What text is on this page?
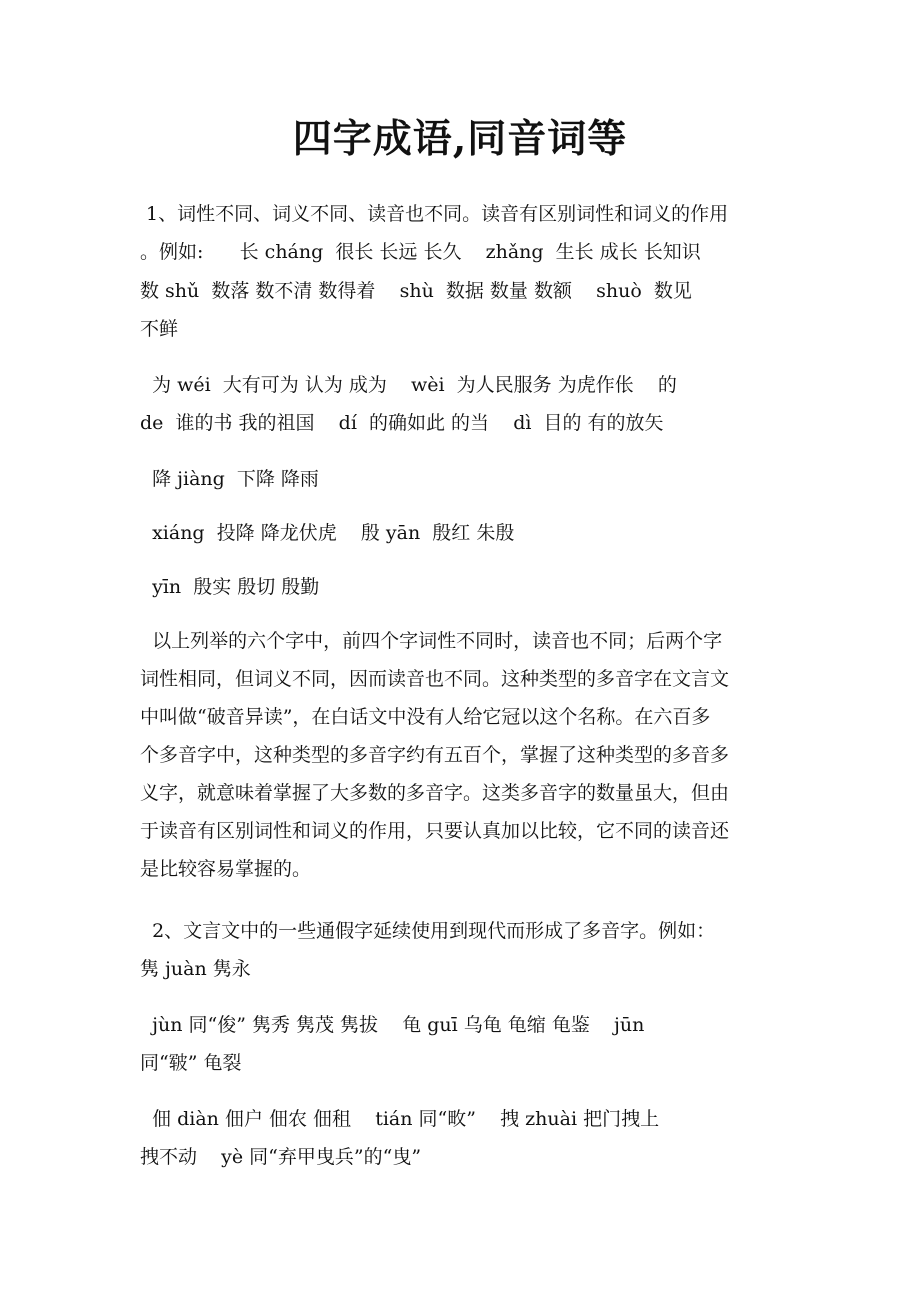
四字成语,同音词等
1、词性不同、词义不同、读音也不同。读音有区别词性和词义的作用
。例如:      长 cháng  很长 长远 长久    zhǎng  生长 成长 长知识
数 shǔ  数落 数不清 数得着    shù  数据 数量 数额    shuò  数见
不鲜
为 wéi  大有可为 认为 成为    wèi  为人民服务 为虎作伥    的
de  谁的书 我的祖国    dí  的确如此 的当    dì  目的 有的放矢
降 jiàng  下降 降雨
xiáng  投降 降龙伏虎    殷 yān  殷红 朱殷
yīn  殷实 殷切 殷勤
以上列举的六个字中，前四个字词性不同时，读音也不同；后两个字
词性相同，但词义不同，因而读音也不同。这种类型的多音字在文言文
中叫做“破音异读”，在白话文中没有人给它冠以这个名称。在六百多
个多音字中，这种类型的多音字约有五百个，掌握了这种类型的多音多
义字，就意味着掌握了大多数的多音字。这类多音字的数量虽大，但由
于读音有区别词性和词义的作用，只要认真加以比较，它不同的读音还
是比较容易掌握的。
2、文言文中的一些通假字延续使用到现代而形成了多音字。例如：
隽 juàn 隽永
jùn 同“俊” 隽秀 隽茂 隽拔    龟 guī 乌龟 龟缩 龟鉴    jūn
同“皲” 龟裂
佃 diàn 佃户 佃农 佃租    tián 同“畋”    拽 zhuài 把门拽上
拽不动    yè 同“弃甲曳兵”的“曳”
